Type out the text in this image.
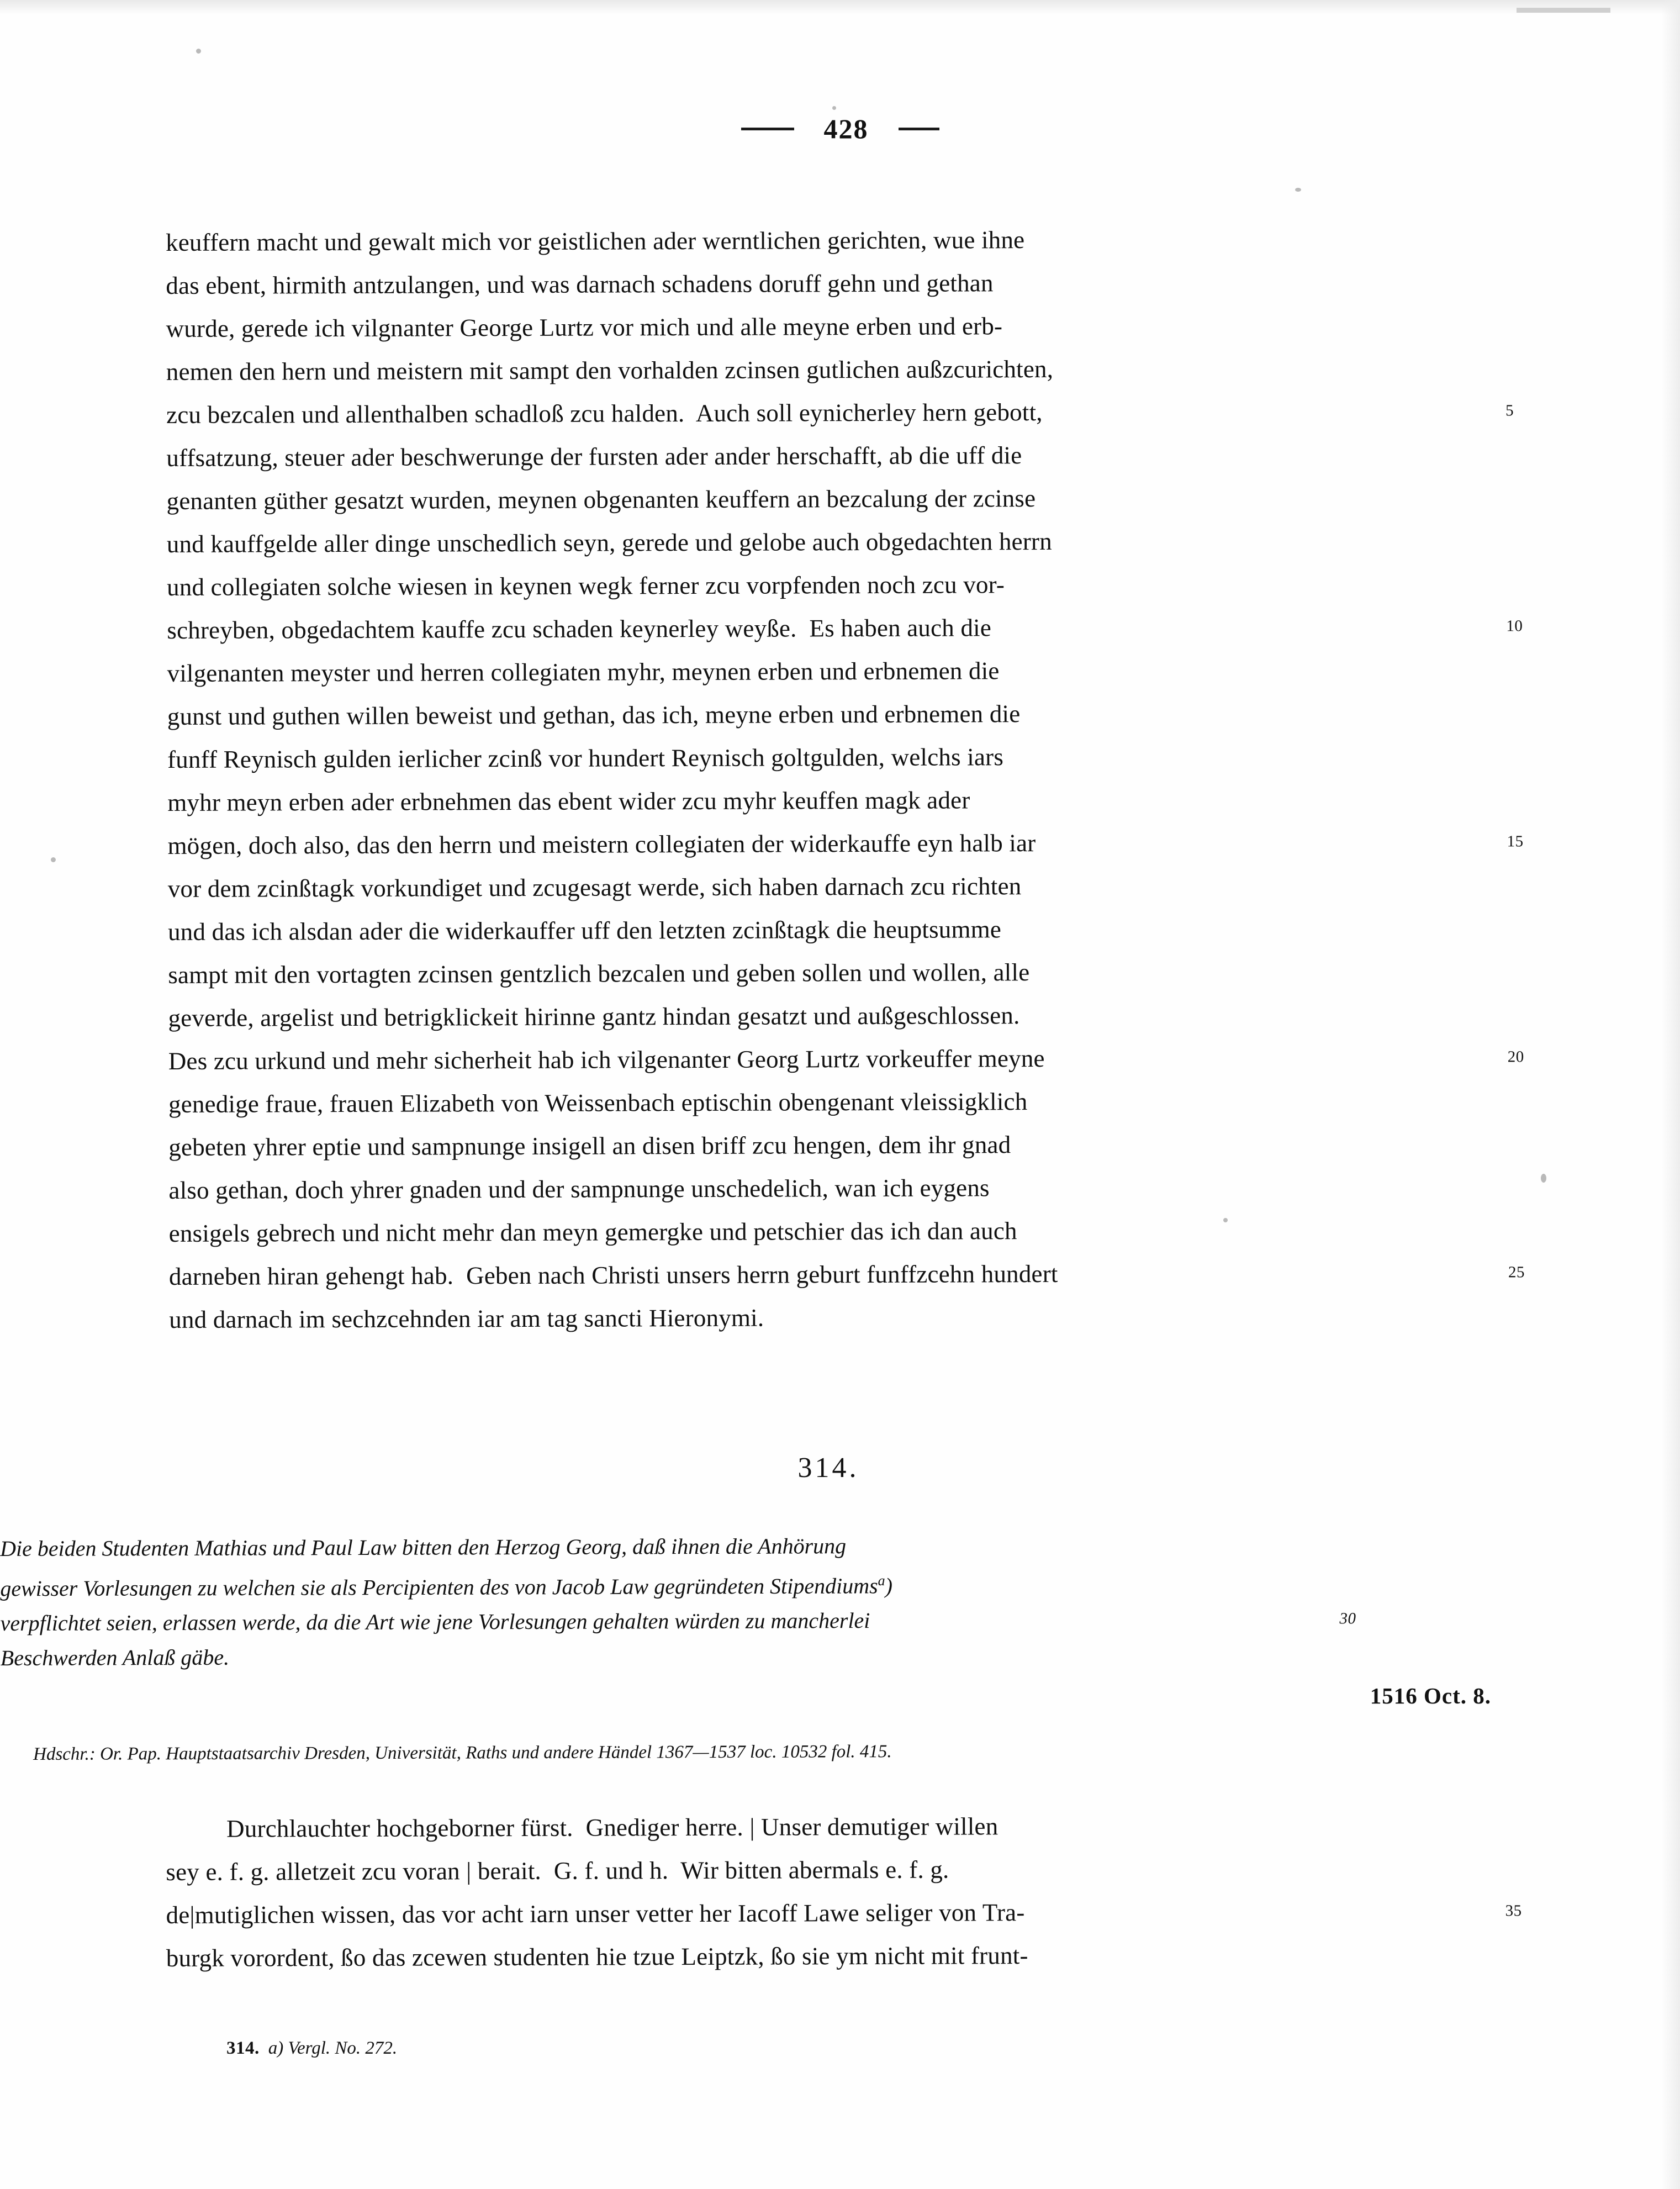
428
keuffern macht und gewalt mich vor geistlichen ader werntlichen gerichten, wue ihne
das ebent, hirmith antzulangen, und was darnach schadens doruff gehn und gethan
wurde, gerede ich vilgnanter George Lurtz vor mich und alle meyne erben und erb-
nemen den hern und meistern mit sampt den vorhalden zcinsen gutlichen außzcurichten,
zcu bezcalen und allenthalben schadloß zcu halden.  Auch soll eynicherley hern gebott,	5
uffsatzung, steuer ader beschwerunge der fursten ader ander herschafft, ab die uff die
genanten güther gesatzt wurden, meynen obgenanten keuffern an bezcalung der zcinse
und kauffgelde aller dinge unschedlich seyn, gerede und gelobe auch obgedachten herrn
und collegiaten solche wiesen in keynen wegk ferner zcu vorpfenden noch zcu vor-
schreyben, obgedachtem kauffe zcu schaden keynerley weyße.  Es haben auch die	10
vilgenanten meyster und herren collegiaten myhr, meynen erben und erbnemen die
gunst und guthen willen beweist und gethan, das ich, meyne erben und erbnemen die
funff Reynisch gulden ierlicher zcinß vor hundert Reynisch goltgulden, welchs iars
myhr meyn erben ader erbnehmen das ebent wider zcu myhr keuffen magk ader
mögen, doch also, das den herrn und meistern collegiaten der widerkauffe eyn halb iar	15
vor dem zcinßtagk vorkundiget und zcugesagt werde, sich haben darnach zcu richten
und das ich alsdan ader die widerkauffer uff den letzten zcinßtagk die heuptsumme
sampt mit den vortagten zcinsen gentzlich bezcalen und geben sollen und wollen, alle
geverde, argelist und betrigklickeit hirinne gantz hindan gesatzt und außgeschlossen.
Des zcu urkund und mehr sicherheit hab ich vilgenanter Georg Lurtz vorkeuffer meyne	20
genedige fraue, frauen Elizabeth von Weissenbach eptischin obengenant vleissigklich
gebeten yhrer eptie und sampnunge insigell an disen briff zcu hengen, dem ihr gnad
also gethan, doch yhrer gnaden und der sampnunge unschedelich, wan ich eygens
ensigels gebrech und nicht mehr dan meyn gemergke und petschier das ich dan auch
darneben hiran gehengt hab.  Geben nach Christi unsers herrn geburt funffzcehn hundert	25
und darnach im sechzcehnden iar am tag sancti Hieronymi.
314.
Die beiden Studenten Mathias und Paul Law bitten den Herzog Georg, daß ihnen die Anhörung
gewisser Vorlesungen zu welchen sie als Percipienten des von Jacob Law gegründeten Stipendiums$^a$)
verpflichtet seien, erlassen werde, da die Art wie jene Vorlesungen gehalten würden zu mancherlei	30
Beschwerden Anlaß gäbe.
1516 Oct. 8.
Hdschr.: Or. Pap. Hauptstaatsarchiv Dresden, Universität, Raths und andere Händel 1367—1537 loc. 10532 fol. 415.
Durchlauchter hochgeborner fürst.  Gnediger herre. | Unser demutiger willen
sey e. f. g. alletzeit zcu voran | berait.  G. f. und h.  Wir bitten abermals e. f. g.
de|mutiglichen wissen, das vor acht iarn unser vetter her Iacoff Lawe seliger von Tra-	35
burgk vorordent, ßo das zcewen studenten hie tzue Leiptzk, ßo sie ym nicht mit frunt-
314. a) Vergl. No. 272.
